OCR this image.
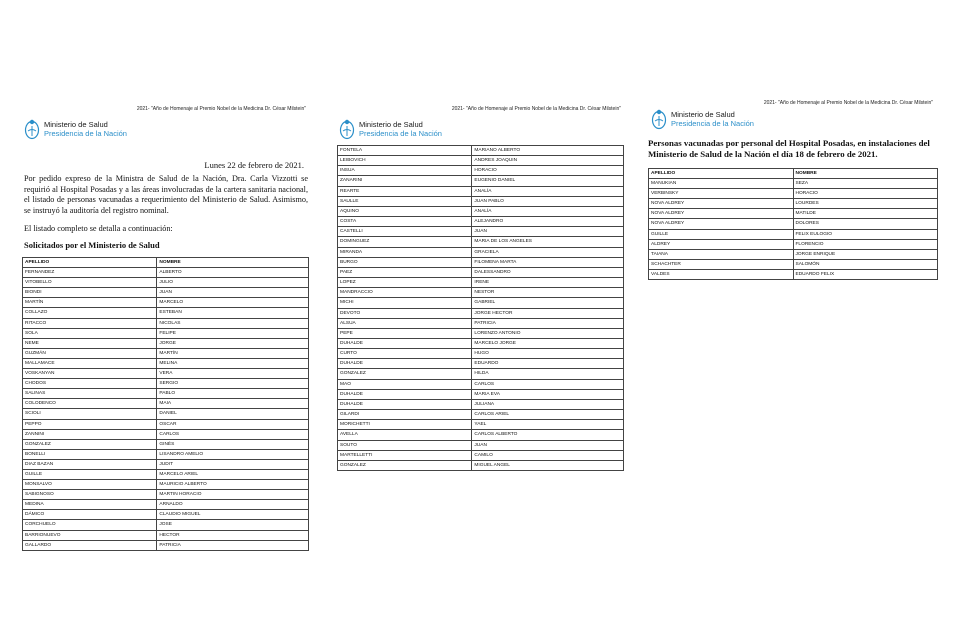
2021- "Año de Homenaje al Premio Nobel de la Medicina Dr. César Milstein"
Ministerio de Salud
Presidencia de la Nación
Lunes 22 de febrero de 2021.
Por pedido expreso de la Ministra de Salud de la Nación, Dra. Carla Vizzotti se requirió al Hospital Posadas y a las áreas involucradas de la cartera sanitaria nacional, el listado de personas vacunadas a requerimiento del Ministerio de Salud. Asimismo, se instruyó la auditoría del registro nominal.
El listado completo se detalla a continuación:
Solicitados por el Ministerio de Salud
APELLIDO	NOMBRE
FERNANDEZ	ALBERTO
VITOBELLO	JULIO
BIONDI	JUAN
MARTÍN	MARCELO
COLLAZO	ESTEBAN
RITACCO	NICOLAS
SOLA	FELIPE
NEME	JORGE
GUZMÁN	MARTÍN
MALLAMACE	MELINA
VOSKANYAN	VERA
CHODOS	SERGIO
SALINAS	PABLO
COLODENCO	MAIA
SCIOLI	DANIEL
PEPPO	OSCAR
ZANNINI	CARLOS
GONZALEZ	GINÉS
BONELLI	LISANDRO AMELIO
DIAZ BAZAN	JUDIT
GUILLE	MARCELO ARIEL
MONSALVO	MAURICIO ALBERTO
SABIGNOSO	MARTIN HORACIO
MEDINA	ARNALDO
DÁMICO	CLAUDIO MIGUEL
CORCHUELO	JOSE
BARRIONUEVO	HECTOR
GALLARDO	PATRICIA
2021- "Año de Homenaje al Premio Nobel de la Medicina Dr. César Milstein"
Ministerio de Salud
Presidencia de la Nación
FONTELA	MARIANO ALBERTO
LEIBOVICH	ANDRES JOAQUIN
INSUA	HORACIO
ZANARINI	EUGENIO DANIEL
REARTE	ANALÍA
SAULLE	JUAN PABLO
AQUINO	ANALÍA
COSTA	ALEJANDRO
CASTELLI	JUAN
DOMINGUEZ	MARIA DE LOS ANGELES
MIRANDA	GRACIELA
BURGO	FILOMENA MARTA
PAEZ	DALESSANDRO
LOPEZ	IRENE
MANDRACCIO	NESTOR
MICHI	GABRIEL
DEVOTO	JORGE HECTOR
ALSUA	PATRICIA
PEPE	LORENZO ANTONIO
DUHALDE	MARCELO JORGE
CURTO	HUGO
DUHALDE	EDUARDO
GONZALEZ	HILDA
MAO	CARLOS
DUHALDE	MARIA EVA
DUHALDE	JULIANA
GILARDI	CARLOS ARIEL
MORICHETTI	YAEL
AVELLA	CARLOS ALBERTO
SOUTO	JUAN
MARTELLETTI	CAMILO
GONZALEZ	MIGUEL ANGEL
2021- "Año de Homenaje al Premio Nobel de la Medicina Dr. César Milstein"
Ministerio de Salud
Presidencia de la Nación
Personas vacunadas por personal del Hospital Posadas, en instalaciones del Ministerio de Salud de la Nación el día 18 de febrero de 2021.
APELLIDO	NOMBRE
MANUKIAN	SEZA
VERBINSKY	HORACIO
NOVA ALDREY	LOURDES
NOVA ALDREY	MATILDE
NOVA ALDREY	DOLORES
GUILLE	FELIX EULOGIO
ALDREY	FLORENCIO
TAIANA	JORGE ENRIQUE
SCHACHTER	SALOMÓN
VALDES	EDUARDO FELIX
